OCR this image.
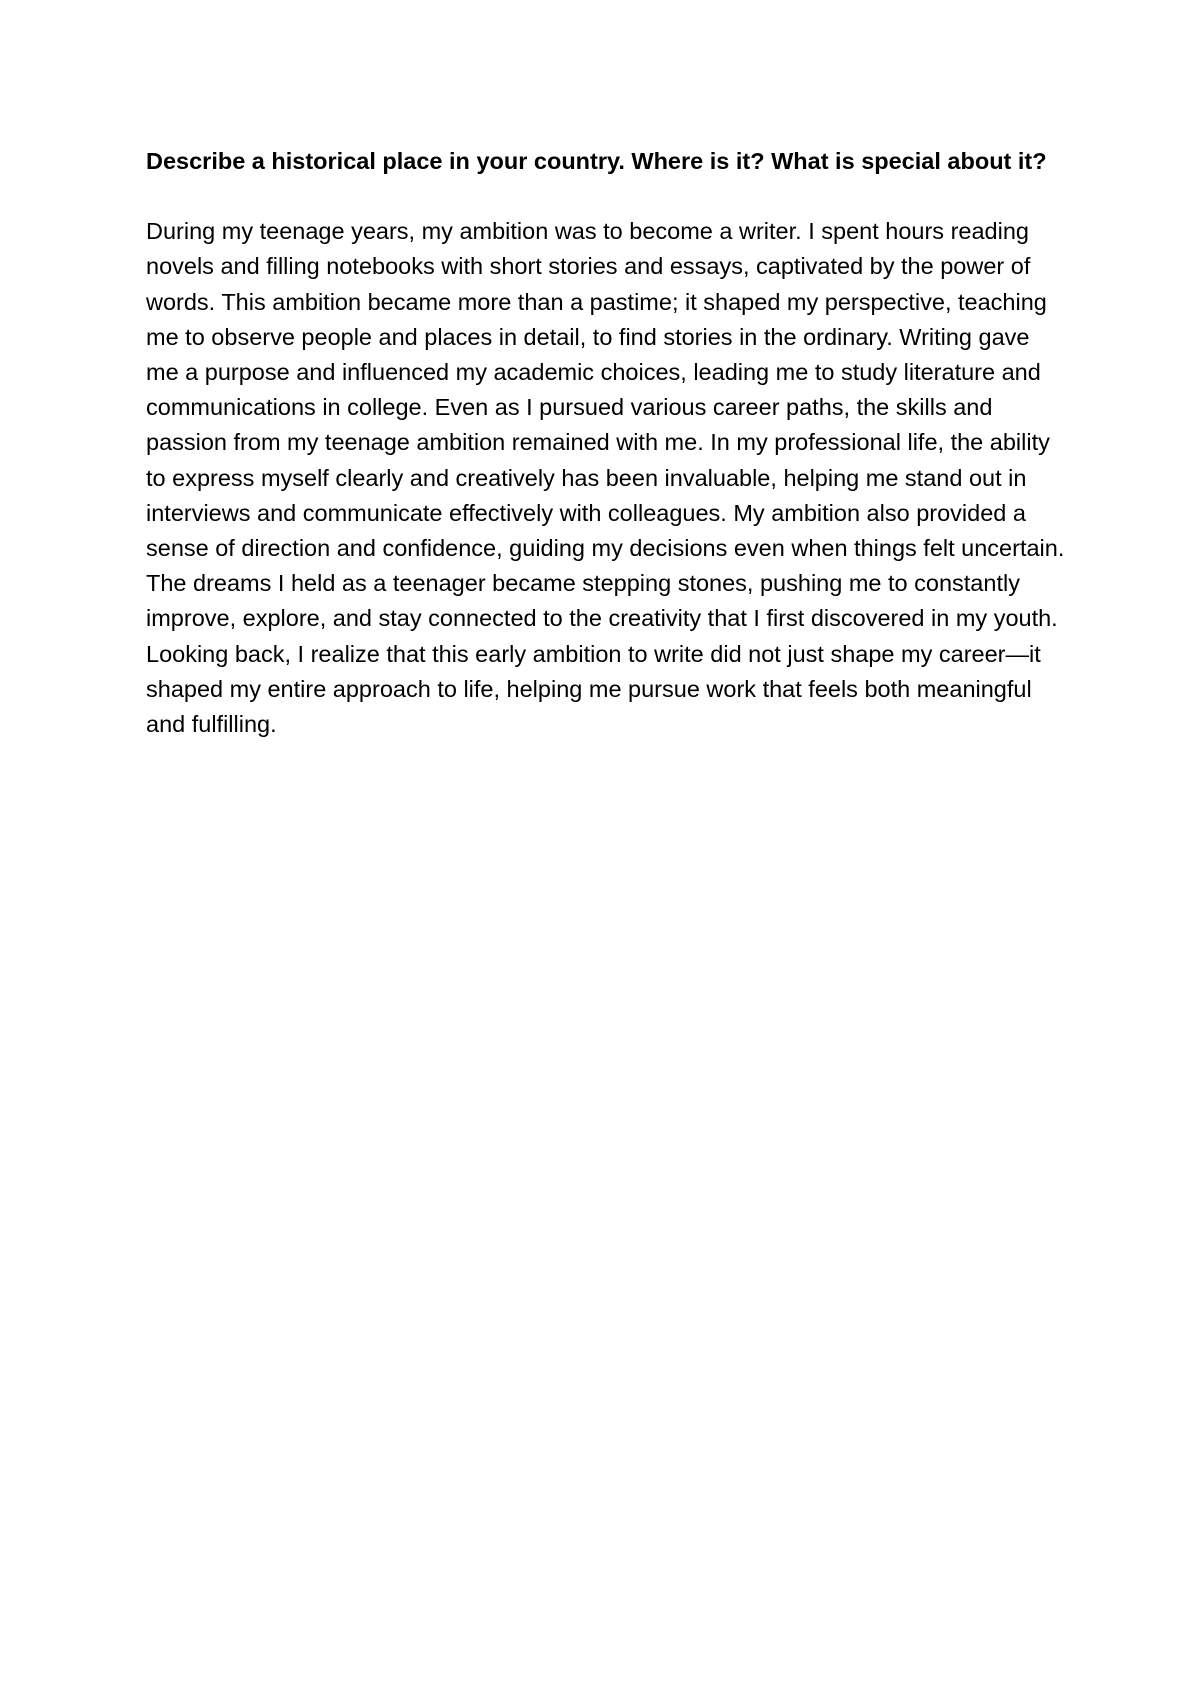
Describe a historical place in your country. Where is it? What is special about it?

During my teenage years, my ambition was to become a writer. I spent hours reading novels and filling notebooks with short stories and essays, captivated by the power of words. This ambition became more than a pastime; it shaped my perspective, teaching me to observe people and places in detail, to find stories in the ordinary. Writing gave me a purpose and influenced my academic choices, leading me to study literature and communications in college. Even as I pursued various career paths, the skills and passion from my teenage ambition remained with me. In my professional life, the ability to express myself clearly and creatively has been invaluable, helping me stand out in interviews and communicate effectively with colleagues. My ambition also provided a sense of direction and confidence, guiding my decisions even when things felt uncertain. The dreams I held as a teenager became stepping stones, pushing me to constantly improve, explore, and stay connected to the creativity that I first discovered in my youth. Looking back, I realize that this early ambition to write did not just shape my career—it shaped my entire approach to life, helping me pursue work that feels both meaningful and fulfilling.
